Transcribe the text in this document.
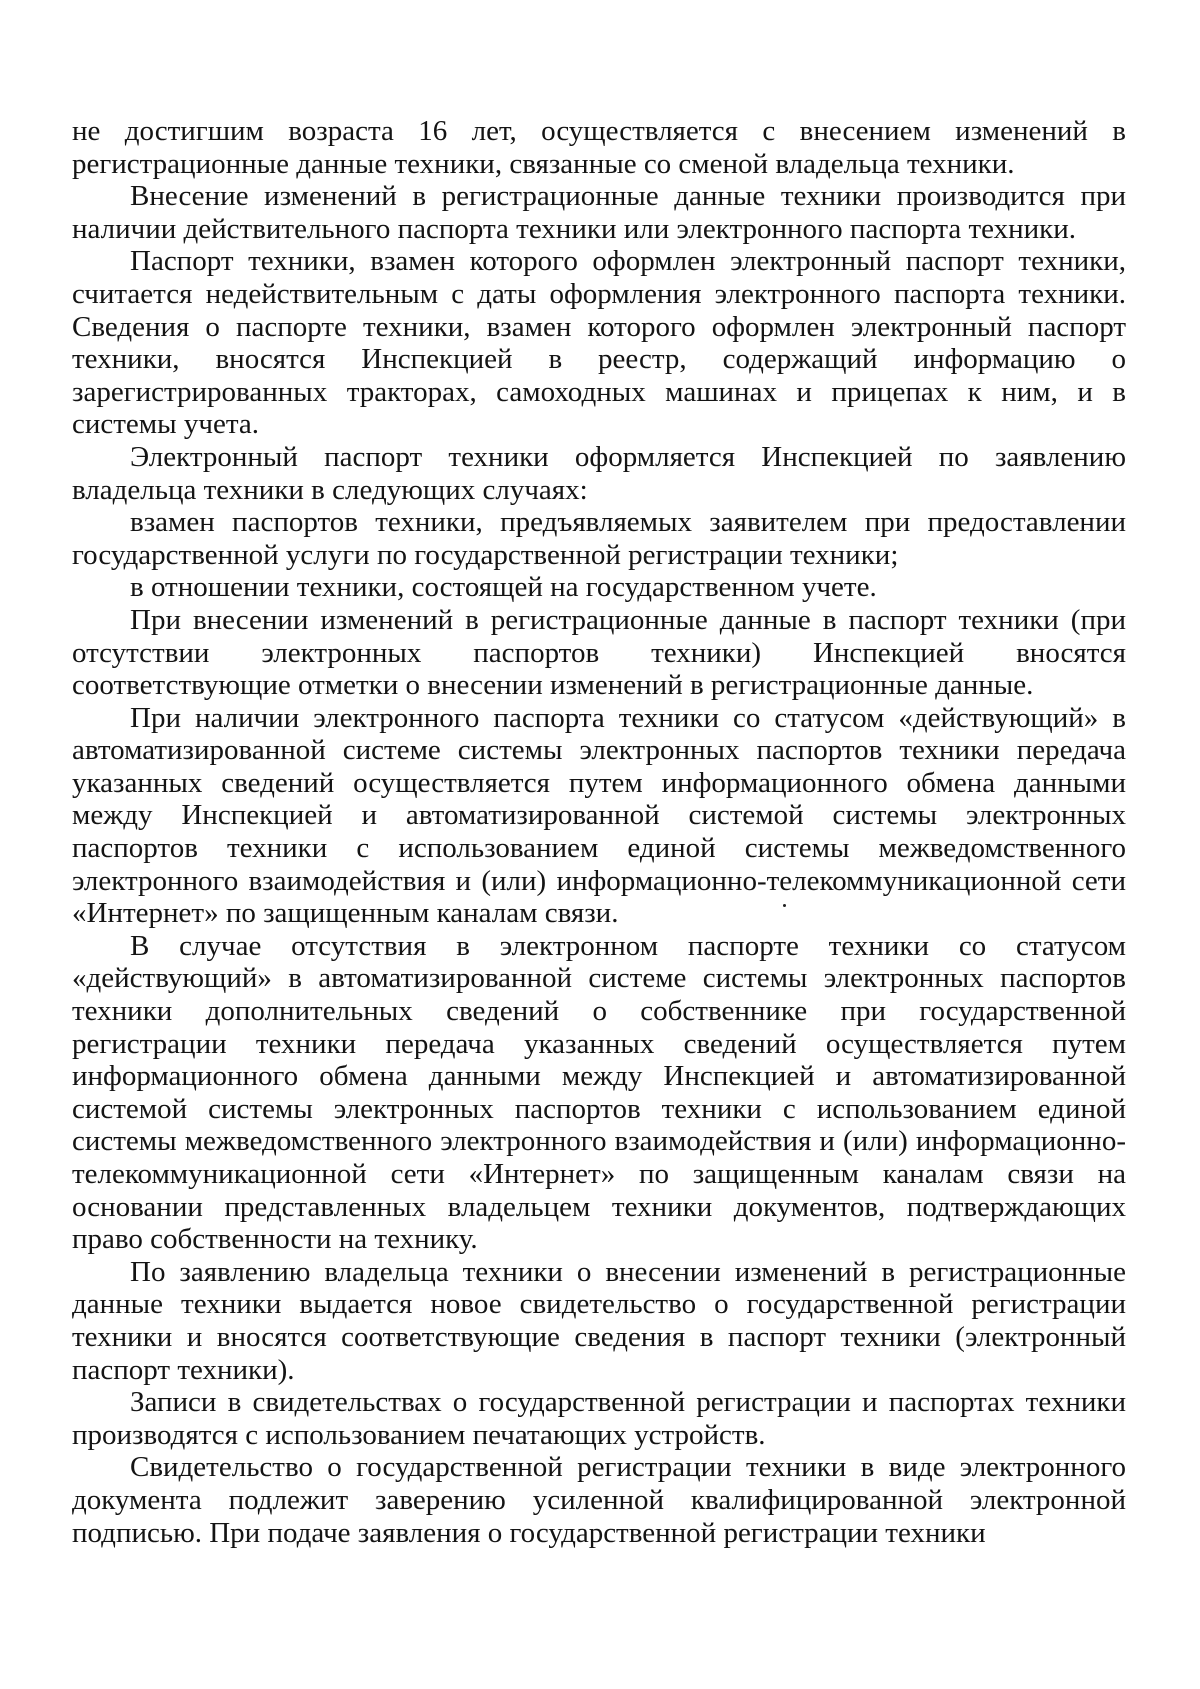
не достигшим возраста 16 лет, осуществляется с внесением изменений в регистрационные данные техники, связанные со сменой владельца техники.

Внесение изменений в регистрационные данные техники производится при наличии действительного паспорта техники или электронного паспорта техники.

Паспорт техники, взамен которого оформлен электронный паспорт техники, считается недействительным с даты оформления электронного паспорта техники. Сведения о паспорте техники, взамен которого оформлен электронный паспорт техники, вносятся Инспекцией в реестр, содержащий информацию о зарегистрированных тракторах, самоходных машинах и прицепах к ним, и в системы учета.

Электронный паспорт техники оформляется Инспекцией по заявлению владельца техники в следующих случаях:

взамен паспортов техники, предъявляемых заявителем при предоставлении государственной услуги по государственной регистрации техники;

в отношении техники, состоящей на государственном учете.

При внесении изменений в регистрационные данные в паспорт техники (при отсутствии электронных паспортов техники) Инспекцией вносятся соответствующие отметки о внесении изменений в регистрационные данные.

При наличии электронного паспорта техники со статусом «действующий» в автоматизированной системе системы электронных паспортов техники передача указанных сведений осуществляется путем информационного обмена данными между Инспекцией и автоматизированной системой системы электронных паспортов техники с использованием единой системы межведомственного электронного взаимодействия и (или) информационно-телекоммуникационной сети «Интернет» по защищенным каналам связи.

В случае отсутствия в электронном паспорте техники со статусом «действующий» в автоматизированной системе системы электронных паспортов техники дополнительных сведений о собственнике при государственной регистрации техники передача указанных сведений осуществляется путем информационного обмена данными между Инспекцией и автоматизированной системой системы электронных паспортов техники с использованием единой системы межведомственного электронного взаимодействия и (или) информационно-телекоммуникационной сети «Интернет» по защищенным каналам связи на основании представленных владельцем техники документов, подтверждающих право собственности на технику.

По заявлению владельца техники о внесении изменений в регистрационные данные техники выдается новое свидетельство о государственной регистрации техники и вносятся соответствующие сведения в паспорт техники (электронный паспорт техники).

Записи в свидетельствах о государственной регистрации и паспортах техники производятся с использованием печатающих устройств.

Свидетельство о государственной регистрации техники в виде электронного документа подлежит заверению усиленной квалифицированной электронной подписью. При подаче заявления о государственной регистрации техники
